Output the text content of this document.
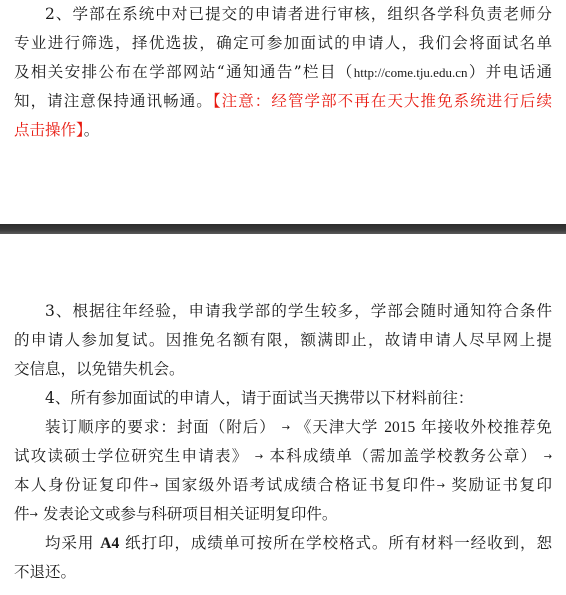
2、学部在系统中对已提交的申请者进行审核，组织各学科负责老师分
专业进行筛选，择优选拔，确定可参加面试的申请人，我们会将面试名单
及相关安排公布在学部网站“通知通告”栏目（http://come.tju.edu.cn）并电话通
知，请注意保持通讯畅通。【注意：经管学部不再在天大推免系统进行后续
点击操作】。
3、根据往年经验，申请我学部的学生较多，学部会随时通知符合条件
的申请人参加复试。因推免名额有限，额满即止，故请申请人尽早网上提
交信息，以免错失机会。
4、所有参加面试的申请人，请于面试当天携带以下材料前往：
装订顺序的要求：封面（附后） → 《天津大学 2015 年接收外校推荐免
试攻读硕士学位研究生申请表》 → 本科成绩单（需加盖学校教务公章） →
本人身份证复印件→ 国家级外语考试成绩合格证书复印件→ 奖励证书复印
件→ 发表论文或参与科研项目相关证明复印件。
均采用 A4 纸打印，成绩单可按所在学校格式。所有材料一经收到，恕
不退还。
